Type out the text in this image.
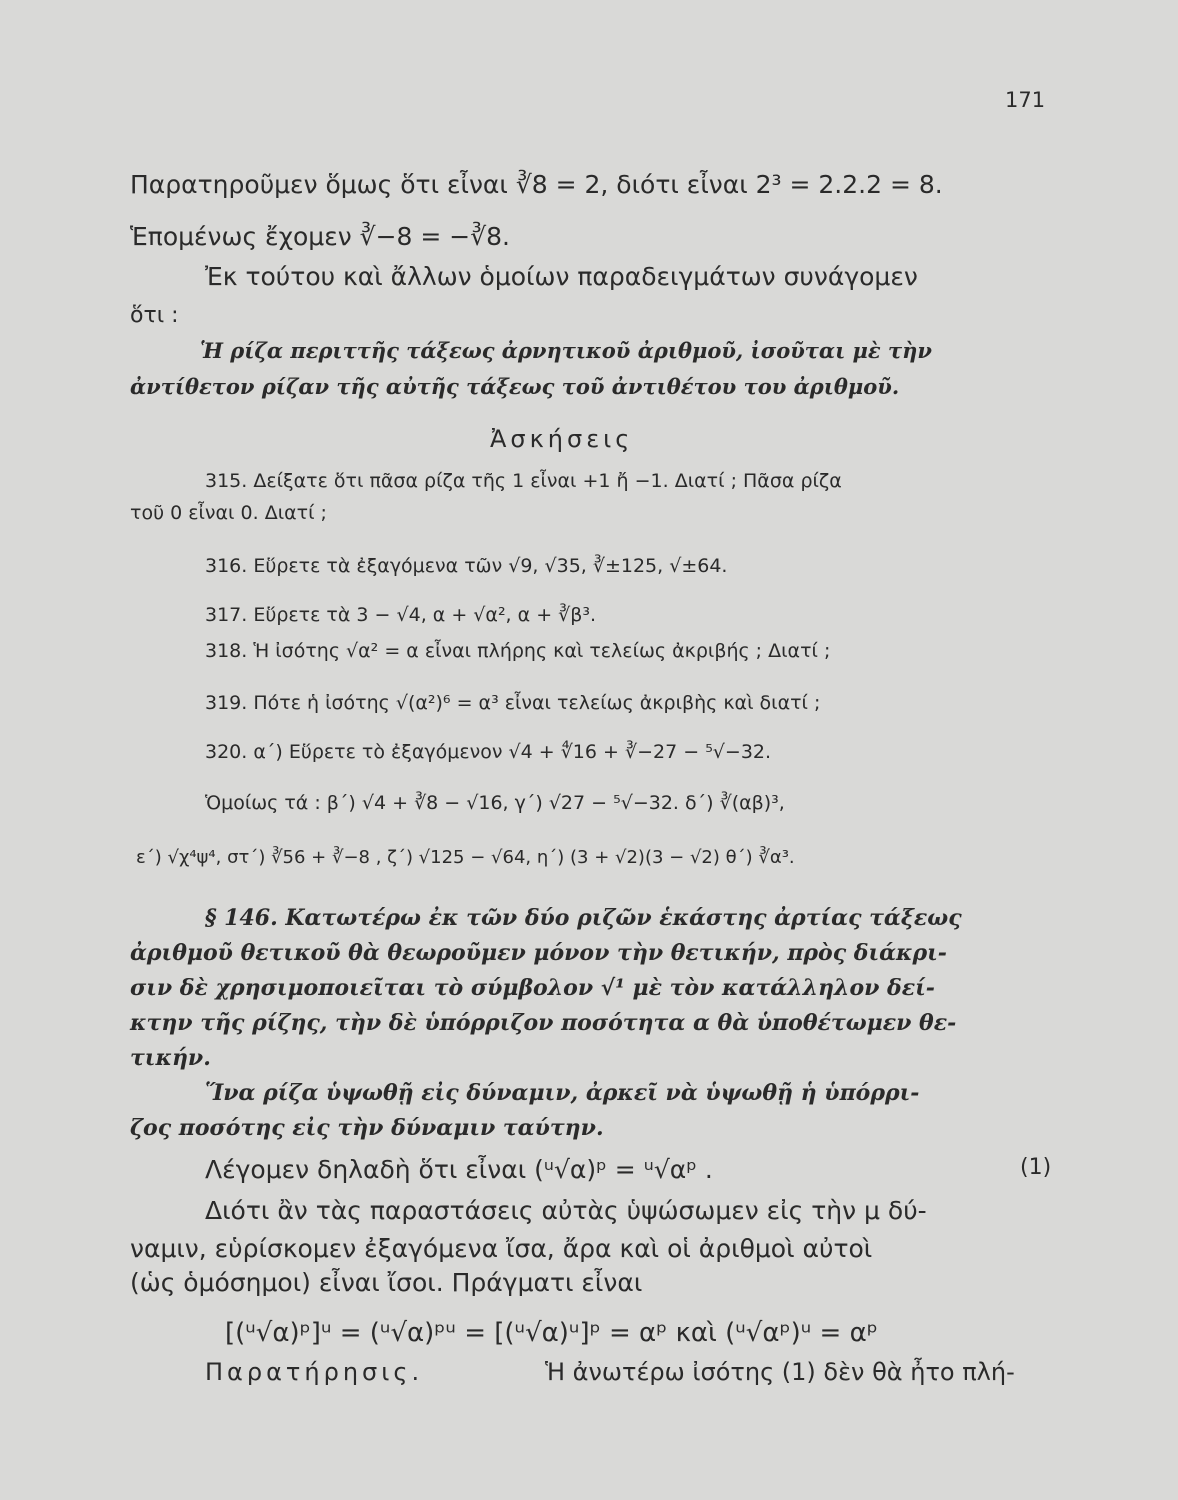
171
Παρατηροῦμεν ὅμως ὅτι εἶναι ∛8 = 2, διότι εἶναι 2³ = 2.2.2 = 8.
Ἑπομένως ἔχομεν ∛−8 = −∛8.
Ἐκ τούτου καὶ ἄλλων ὁμοίων παραδειγμάτων συνάγομεν
ὅτι :
Ἡ ρίζα περιττῆς τάξεως ἀρνητικοῦ ἀριθμοῦ, ἰσοῦται μὲ τὴν
ἀντίθετον ρίζαν τῆς αὐτῆς τάξεως τοῦ ἀντιθέτου του ἀριθμοῦ.
Ἀσκήσεις
315. Δείξατε ὅτι πᾶσα ρίζα τῆς 1 εἶναι +1 ἤ −1. Διατί ; Πᾶσα ρίζα
τοῦ 0 εἶναι 0. Διατί ;
316. Εὕρετε τὰ ἐξαγόμενα τῶν √9, √35, ∛±125, √±64.
317. Εὕρετε τὰ 3 − √4, α + √α², α + ∛β³.
318. Ἡ ἰσότης √α² = α εἶναι πλήρης καὶ τελείως ἀκριβής ; Διατί ;
319. Πότε ἡ ἰσότης √(α²)⁶ = α³ εἶναι τελείως ἀκριβὴς καὶ διατί ;
320. α΄) Εὕρετε τὸ ἐξαγόμενον √4 + ∜16 + ∛−27 − ⁵√−32.
Ὁμοίως τά : β΄) √4 + ∛8 − √16, γ΄) √27 − ⁵√−32. δ΄) ∛(αβ)³,
ε΄) √χ⁴ψ⁴, στ΄) ∛56 + ∛−8 , ζ΄) √125 − √64, η΄) (3 + √2)(3 − √2) θ΄) ∛α³.
§ 146. Κατωτέρω ἐκ τῶν δύο ριζῶν ἑκάστης ἀρτίας τάξεως
ἀριθμοῦ θετικοῦ θὰ θεωροῦμεν μόνον τὴν θετικήν, πρὸς διάκρι-
σιν δὲ χρησιμοποιεῖται τὸ σύμβολον √¹ μὲ τὸν κατάλληλον δεί-
κτην τῆς ρίζης, τὴν δὲ ὑπόρριζον ποσότητα α θὰ ὑποθέτωμεν θε-
τικήν.
Ἵνα ρίζα ὑψωθῇ εἰς δύναμιν, ἀρκεῖ νὰ ὑψωθῇ ἡ ὑπόρρι-
ζος ποσότης εἰς τὴν δύναμιν ταύτην.
Λέγομεν δηλαδὴ ὅτι εἶναι (ᵘ√α)ᵖ = ᵘ√αᵖ .	(1)
Διότι ἂν τὰς παραστάσεις αὐτὰς ὑψώσωμεν εἰς τὴν μ δύ-
ναμιν, εὑρίσκομεν ἐξαγόμενα ἴσα, ἄρα καὶ οἱ ἀριθμοὶ αὐτοὶ
(ὡς ὁμόσημοι) εἶναι ἴσοι. Πράγματι εἶναι
[(ᵘ√α)ᵖ]ᵘ = (ᵘ√α)ᵖᵘ = [(ᵘ√α)ᵘ]ᵖ = αᵖ καὶ (ᵘ√αᵖ)ᵘ = αᵖ
Παρατήρησις.	Ἡ ἀνωτέρω ἰσότης (1) δὲν θὰ ἦτο πλή-
